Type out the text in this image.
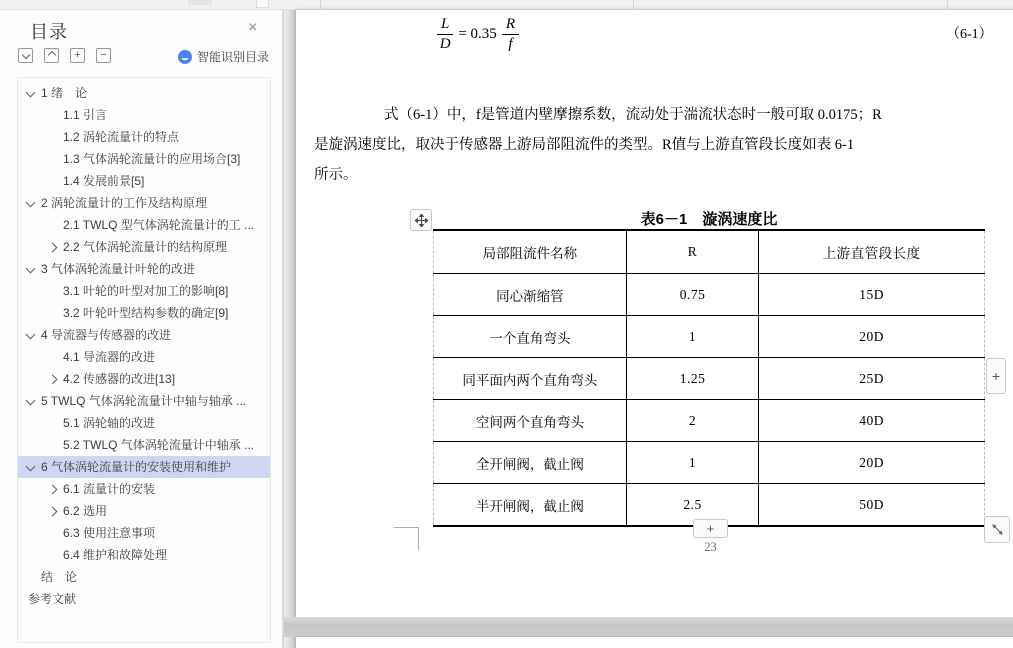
目录	×
+ −	智能识别目录
1 绪　论
1.1 引言
1.2 涡轮流量计的特点
1.3 气体涡轮流量计的应用场合[3]
1.4 发展前景[5]
2 涡轮流量计的工作及结构原理
2.1 TWLQ 型气体涡轮流量计的工 ...
2.2 气体涡轮流量计的结构原理
3 气体涡轮流量计叶轮的改进
3.1 叶轮的叶型对加工的影响[8]
3.2 叶轮叶型结构参数的确定[9]
4 导流器与传感器的改进
4.1 导流器的改进
4.2 传感器的改进[13]
5 TWLQ 气体涡轮流量计中轴与轴承 ...
5.1 涡轮轴的改进
5.2 TWLQ 气体涡轮流量计中轴承 ...
6 气体涡轮流量计的安装使用和维护
6.1 流量计的安装
6.2 选用
6.3 使用注意事项
6.4 维护和故障处理
结　论
参考文献
$\frac{L}{D} = 0.35 \frac{R}{f}$	（6-1）
式（6-1）中，f是管道内壁摩擦系数，流动处于湍流状态时一般可取 0.0175；R
是旋涡速度比，取决于传感器上游局部阻流件的类型。R值与上游直管段长度如表 6-1
所示。
表6－1　漩涡速度比
局部阻流件名称	R	上游直管段长度
同心渐缩管	0.75	15D
一个直角弯头	1	20D
同平面内两个直角弯头	1.25	25D
空间两个直角弯头	2	40D
全开闸阀，截止阀	1	20D
半开闸阀，截止阀	2.5	50D
+
+
23
